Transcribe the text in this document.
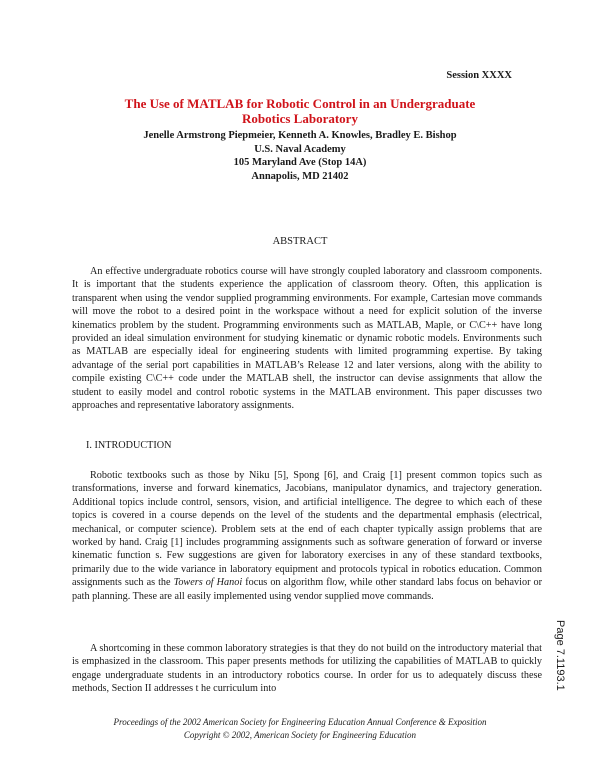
Session XXXX
The Use of MATLAB for Robotic Control in an Undergraduate
Robotics Laboratory
Jenelle Armstrong Piepmeier, Kenneth A. Knowles, Bradley E. Bishop
U.S. Naval Academy
105 Maryland Ave (Stop 14A)
Annapolis, MD 21402
ABSTRACT

An effective undergraduate robotics course will have strongly coupled laboratory and classroom components. It is important that the students experience the application of classroom theory. Often, this application is transparent when using the vendor supplied programming environments. For example, Cartesian move commands will move the robot to a desired point in the workspace without a need for explicit solution of the inverse kinematics problem by the student. Programming environments such as MATLAB, Maple, or C\C++ have long provided an ideal simulation environment for studying kinematic or dynamic robotic models. Environments such as MATLAB are especially ideal for engineering students with limited programming expertise. By taking advantage of the serial port capabilities in MATLAB’s Release 12 and later versions, along with the ability to compile existing C\C++ code under the MATLAB shell, the instructor can devise assignments that allow the student to easily model and control robotic systems in the MATLAB environment. This paper discusses two approaches and representative laboratory assignments.

I. INTRODUCTION

Robotic textbooks such as those by Niku [5], Spong [6], and Craig [1] present common topics such as transformations, inverse and forward kinematics, Jacobians, manipulator dynamics, and trajectory generation. Additional topics include control, sensors, vision, and artificial intelligence. The degree to which each of these topics is covered in a course depends on the level of the students and the departmental emphasis (electrical, mechanical, or computer science). Problem sets at the end of each chapter typically assign problems that are worked by hand. Craig [1] includes programming assignments such as software generation of forward or inverse kinematic function s. Few suggestions are given for laboratory exercises in any of these standard textbooks, primarily due to the wide variance in laboratory equipment and protocols typical in robotics education. Common assignments such as the Towers of Hanoi focus on algorithm flow, while other standard labs focus on behavior or path planning. These are all easily implemented using vendor supplied move commands.

A shortcoming in these common laboratory strategies is that they do not build on the introductory material that is emphasized in the classroom. This paper presents methods for utilizing the capabilities of MATLAB to quickly engage undergraduate students in an introductory robotics course. In order for us to adequately discuss these methods, Section II addresses t he curriculum into

Proceedings of the 2002 American Society for Engineering Education Annual Conference & Exposition
Copyright © 2002, American Society for Engineering Education
Page 7.1193.1
